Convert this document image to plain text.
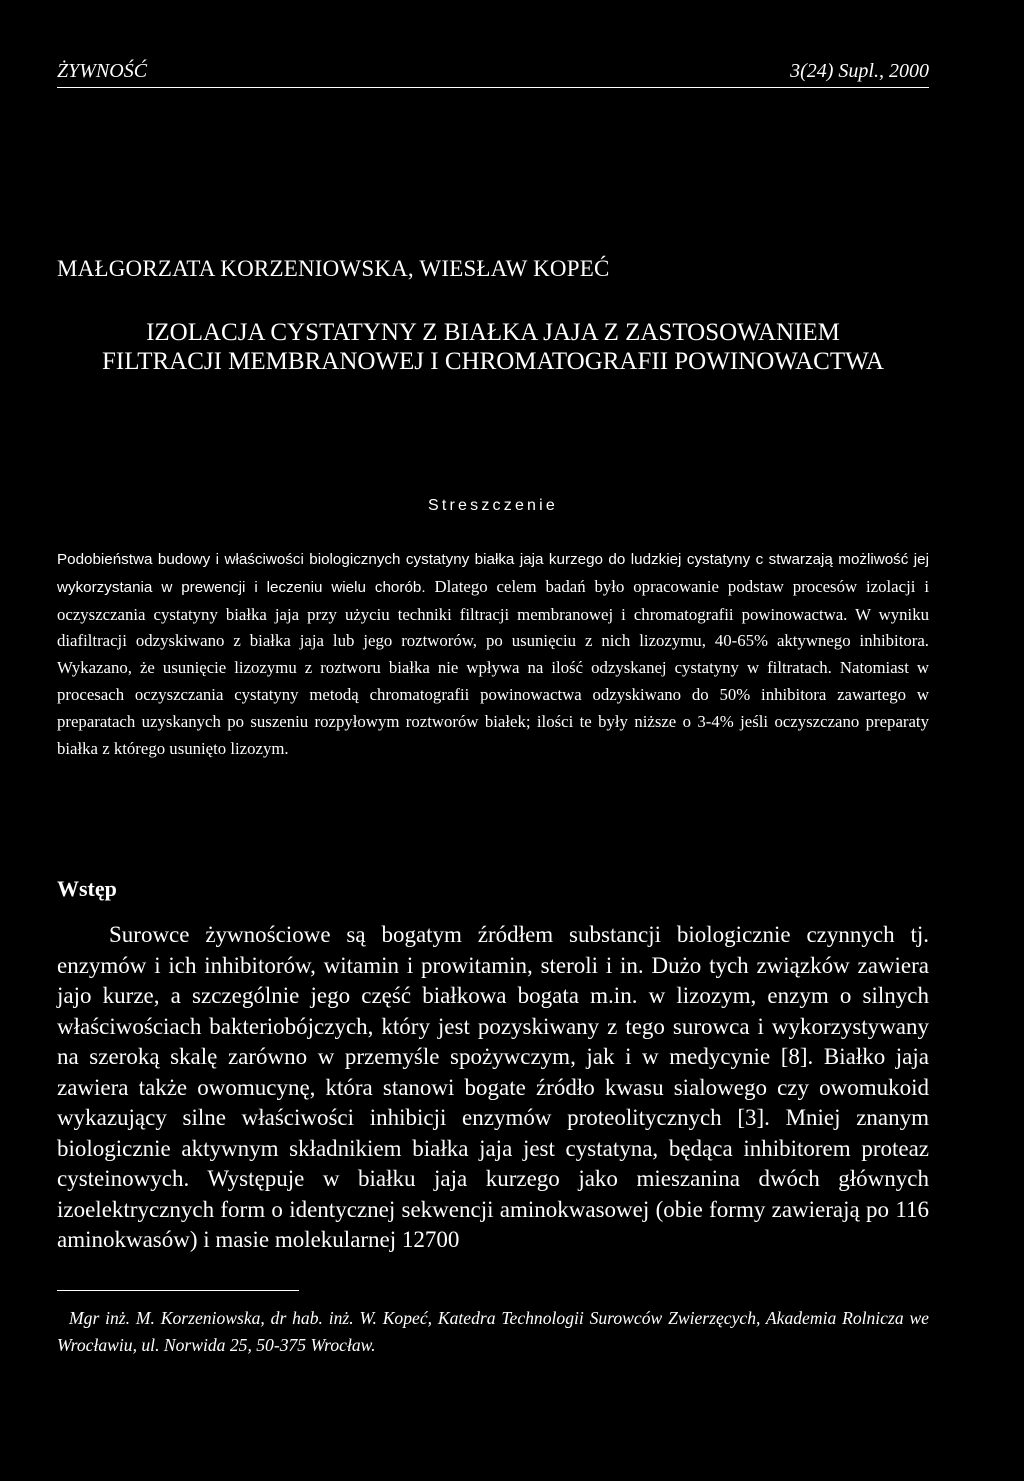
ŻYWNOŚĆ	3(24) Supl., 2000
MAŁGORZATA KORZENIOWSKA, WIESŁAW KOPEĆ
IZOLACJA CYSTATYNY Z BIAŁKA JAJA Z ZASTOSOWANIEM FILTRACJI MEMBRANOWEJ I CHROMATOGRAFII POWINOWACTWA
Streszczenie
Podobieństwa budowy i właściwości biologicznych cystatyny białka jaja kurzego do ludzkiej cystatyny c stwarzają możliwość jej wykorzystania w prewencji i leczeniu wielu chorób. Dlatego celem badań było opracowanie podstaw procesów izolacji i oczyszczania cystatyny białka jaja przy użyciu techniki filtracji membranowej i chromatografii powinowactwa. W wyniku diafiltracji odzyskiwano z białka jaja lub jego roztworów, po usunięciu z nich lizozymu, 40-65% aktywnego inhibitora. Wykazano, że usunięcie lizozymu z roztworu białka nie wpływa na ilość odzyskanej cystatyny w filtratach. Natomiast w procesach oczyszczania cystatyny metodą chromatografii powinowactwa odzyskiwano do 50% inhibitora zawartego w preparatach uzyskanych po suszeniu rozpyłowym roztworów białek; ilości te były niższe o 3-4% jeśli oczyszczano preparaty białka z którego usunięto lizozym.
Wstęp
Surowce żywnościowe są bogatym źródłem substancji biologicznie czynnych tj. enzymów i ich inhibitorów, witamin i prowitamin, steroli i in. Dużo tych związków zawiera jajo kurze, a szczególnie jego część białkowa bogata m.in. w lizozym, enzym o silnych właściwościach bakteriobójczych, który jest pozyskiwany z tego surowca i wykorzystywany na szeroką skalę zarówno w przemyśle spożywczym, jak i w medycynie [8]. Białko jaja zawiera także owomucynę, która stanowi bogate źródło kwasu sialowego czy owomukoid wykazujący silne właściwości inhibicji enzymów proteolitycznych [3]. Mniej znanym biologicznie aktywnym składnikiem białka jaja jest cystatyna, będąca inhibitorem proteaz cysteinowych. Występuje w białku jaja kurzego jako mieszanina dwóch głównych izoelektrycznych form o identycznej sekwencji aminokwasowej (obie formy zawierają po 116 aminokwasów) i masie molekularnej 12700
Mgr inż. M. Korzeniowska, dr hab. inż. W. Kopeć, Katedra Technologii Surowców Zwierzęcych, Akademia Rolnicza we Wrocławiu, ul. Norwida 25, 50-375 Wrocław.
